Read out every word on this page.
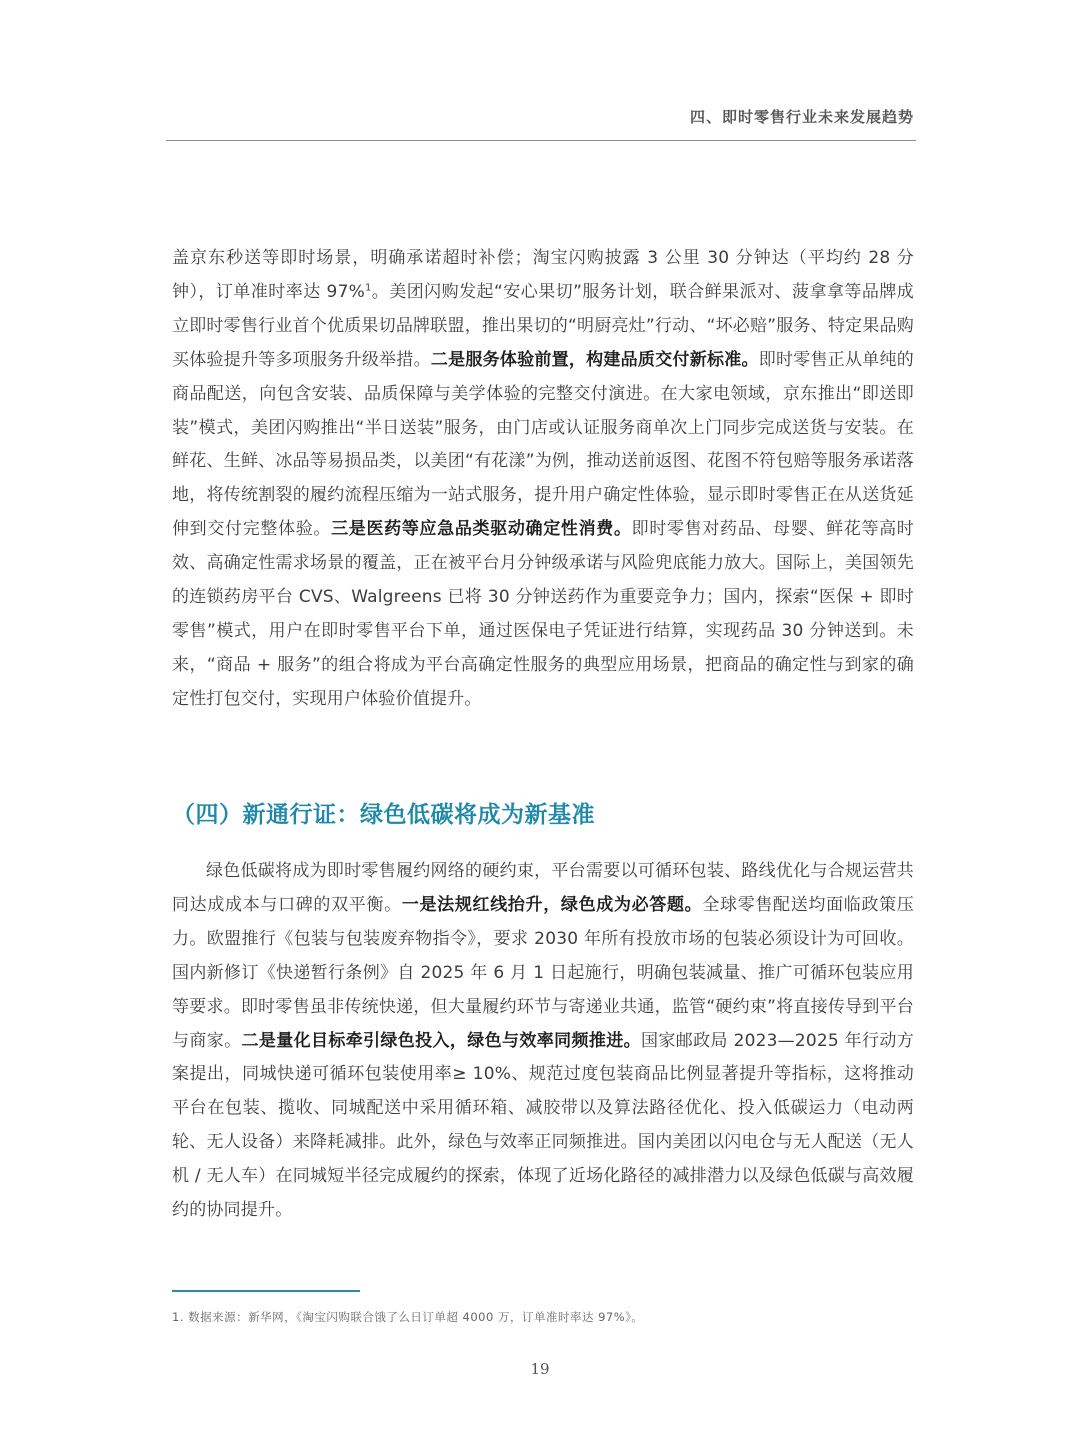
四、即时零售行业未来发展趋势

盖京东秒送等即时场景，明确承诺超时补偿；淘宝闪购披露 3 公里 30 分钟达（平均约 28 分钟），订单准时率达 97%$^1$。美团闪购发起“安心果切”服务计划，联合鲜果派对、菠拿拿等品牌成立即时零售行业首个优质果切品牌联盟，推出果切的“明厨亮灶”行动、“坏必赔”服务、特定果品购买体验提升等多项服务升级举措。二是服务体验前置，构建品质交付新标准。即时零售正从单纯的商品配送，向包含安装、品质保障与美学体验的完整交付演进。在大家电领域，京东推出“即送即装”模式，美团闪购推出“半日送装”服务，由门店或认证服务商单次上门同步完成送货与安装。在鲜花、生鲜、冰品等易损品类，以美团“有花漾”为例，推动送前返图、花图不符包赔等服务承诺落地，将传统割裂的履约流程压缩为一站式服务，提升用户确定性体验，显示即时零售正在从送货延伸到交付完整体验。三是医药等应急品类驱动确定性消费。即时零售对药品、母婴、鲜花等高时效、高确定性需求场景的覆盖，正在被平台月分钟级承诺与风险兜底能力放大。国际上，美国领先的连锁药房平台 CVS、Walgreens 已将 30 分钟送药作为重要竞争力；国内，探索“医保 + 即时零售”模式，用户在即时零售平台下单，通过医保电子凭证进行结算，实现药品 30 分钟送到。未来，“商品 + 服务”的组合将成为平台高确定性服务的典型应用场景，把商品的确定性与到家的确定性打包交付，实现用户体验价值提升。

（四）新通行证：绿色低碳将成为新基准

绿色低碳将成为即时零售履约网络的硬约束，平台需要以可循环包装、路线优化与合规运营共同达成成本与口碑的双平衡。一是法规红线抬升，绿色成为必答题。全球零售配送均面临政策压力。欧盟推行《包装与包装废弃物指令》，要求 2030 年所有投放市场的包装必须设计为可回收。国内新修订《快递暂行条例》自 2025 年 6 月 1 日起施行，明确包装减量、推广可循环包装应用等要求。即时零售虽非传统快递，但大量履约环节与寄递业共通，监管“硬约束”将直接传导到平台与商家。二是量化目标牵引绿色投入，绿色与效率同频推进。国家邮政局 2023—2025 年行动方案提出，同城快递可循环包装使用率≥ 10%、规范过度包装商品比例显著提升等指标，这将推动平台在包装、揽收、同城配送中采用循环箱、减胶带以及算法路径优化、投入低碳运力（电动两轮、无人设备）来降耗减排。此外，绿色与效率正同频推进。国内美团以闪电仓与无人配送（无人机 / 无人车）在同城短半径完成履约的探索，体现了近场化路径的减排潜力以及绿色低碳与高效履约的协同提升。

1. 数据来源：新华网，《淘宝闪购联合饿了么日订单超 4000 万，订单准时率达 97%》。

19
